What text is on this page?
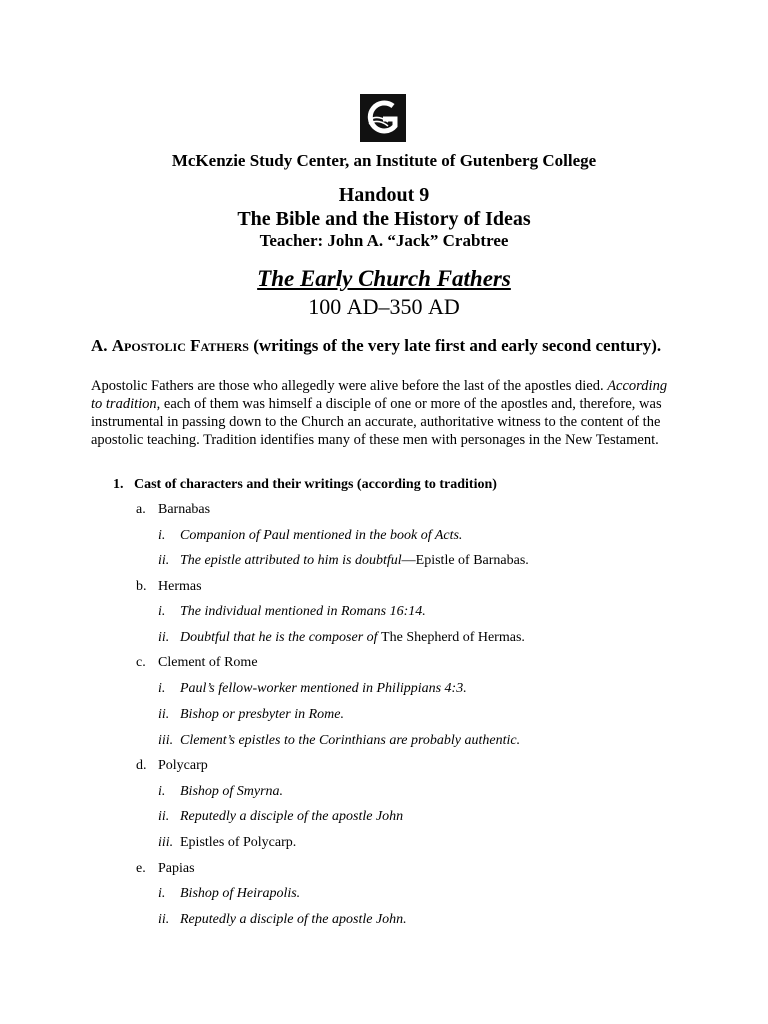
McKenzie Study Center, an Institute of Gutenberg College
Handout 9
The Bible and the History of Ideas
Teacher: John A. “Jack” Crabtree
The Early Church Fathers
100 AD–350 AD
A. Apostolic Fathers (writings of the very late first and early second century).
Apostolic Fathers are those who allegedly were alive before the last of the apostles died. According to tradition, each of them was himself a disciple of one or more of the apostles and, therefore, was instrumental in passing down to the Church an accurate, authoritative witness to the content of the apostolic teaching. Tradition identifies many of these men with personages in the New Testament.
1. Cast of characters and their writings (according to tradition)
a. Barnabas
i. Companion of Paul mentioned in the book of Acts.
ii. The epistle attributed to him is doubtful—Epistle of Barnabas.
b. Hermas
i. The individual mentioned in Romans 16:14.
ii. Doubtful that he is the composer of The Shepherd of Hermas.
c. Clement of Rome
i. Paul’s fellow-worker mentioned in Philippians 4:3.
ii. Bishop or presbyter in Rome.
iii. Clement’s epistles to the Corinthians are probably authentic.
d. Polycarp
i. Bishop of Smyrna.
ii. Reputedly a disciple of the apostle John
iii. Epistles of Polycarp.
e. Papias
i. Bishop of Heirapolis.
ii. Reputedly a disciple of the apostle John.
